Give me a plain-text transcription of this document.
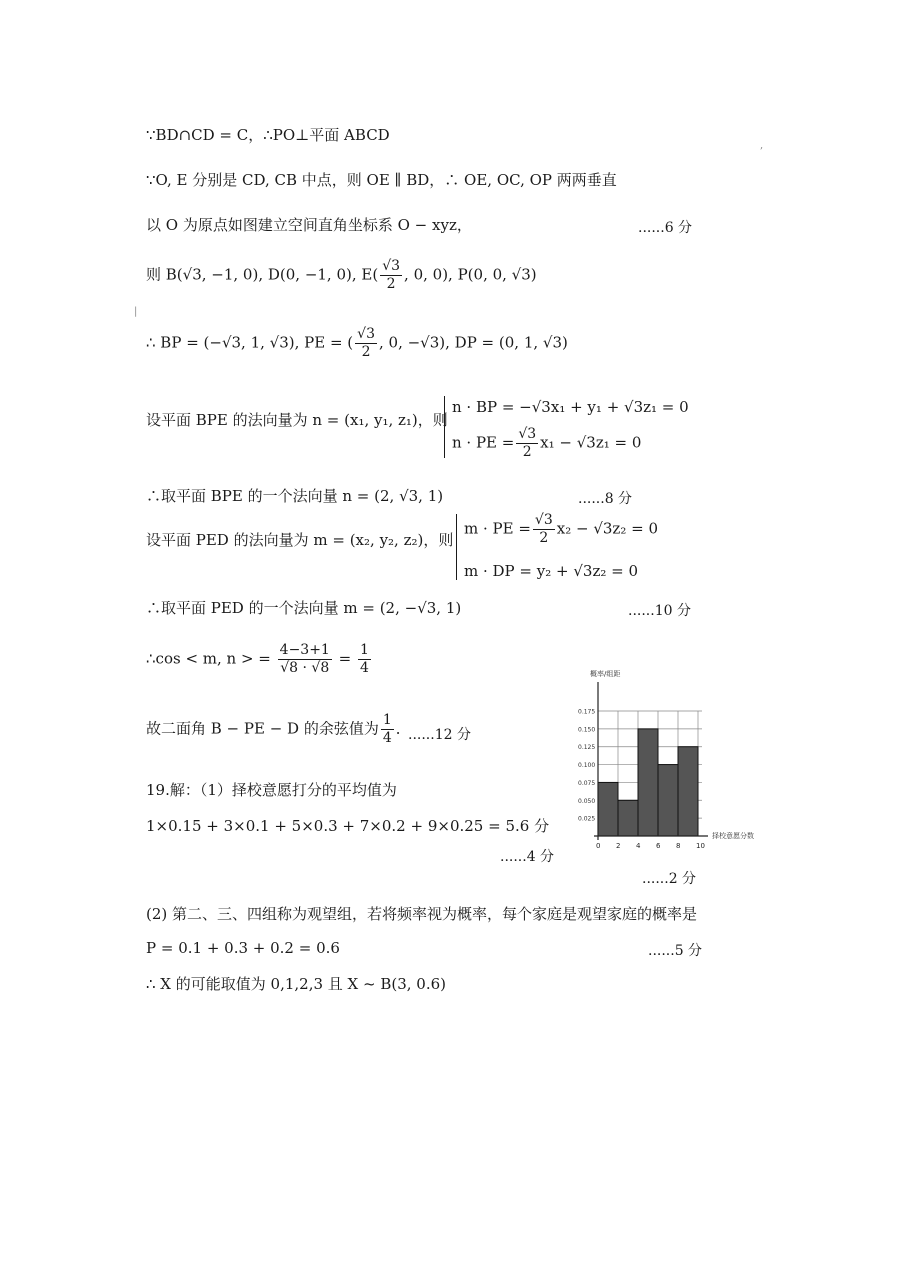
∵BD∩CD = C，∴PO⊥平面 ABCD
∵O, E 分别是 CD, CB 中点，则 OE ∥ BD，∴ OE, OC, OP 两两垂直
以 O 为原点如图建立空间直角坐标系 O − xyz，	......6 分
则 B(√3, −1, 0), D(0, −1, 0), $E( \frac{√3}{2}$ , 0, 0), P(0, 0, √3)
∴ BP = (−√3, 1, √3), PE = ( $\frac{√3}{2}$ , 0, −√3), DP = (0, 1, √3)
设平面 BPE 的法向量为 n = (x₁, y₁, z₁)，则
n · BP = −√3x₁ + y₁ + √3z₁ = 0
n · PE = $\frac{√3}{2} x_1 - √3z_1 = 0$
∴取平面 BPE 的一个法向量 n = (2, √3, 1)	......8 分
设平面 PED 的法向量为 m = (x₂, y₂, z₂)，则
m · PE = $\frac{√3}{2} x_2 - √3z_2 = 0$
m · DP = y₂ + √3z₂ = 0
∴取平面 PED 的一个法向量 m = (2, −√3, 1)	......10 分
∴cos < m, n > = $\frac{4-3+1}{√8 \cdot √8} = \frac{1}{4}$
故二面角 B − PE − D 的余弦值为 $\frac{1}{4}$ ．
......12 分
19.解：（1）择校意愿打分的平均值为
1×0.15 + 3×0.1 + 5×0.3 + 7×0.2 + 9×0.25 = 5.6 分
......4 分
概率/组距
0.025
0.050
0.075
0.100
0.125
0.150
0.175
0 2 4 6 8 10
择校意愿分数
......2 分
(2) 第二、三、四组称为观望组，若将频率视为概率，每个家庭是观望家庭的概率是
P = 0.1 + 0.3 + 0.2 = 0.6	......5 分
∴ X 的可能取值为 0,1,2,3 且 X ~ B(3, 0.6)
,
|
